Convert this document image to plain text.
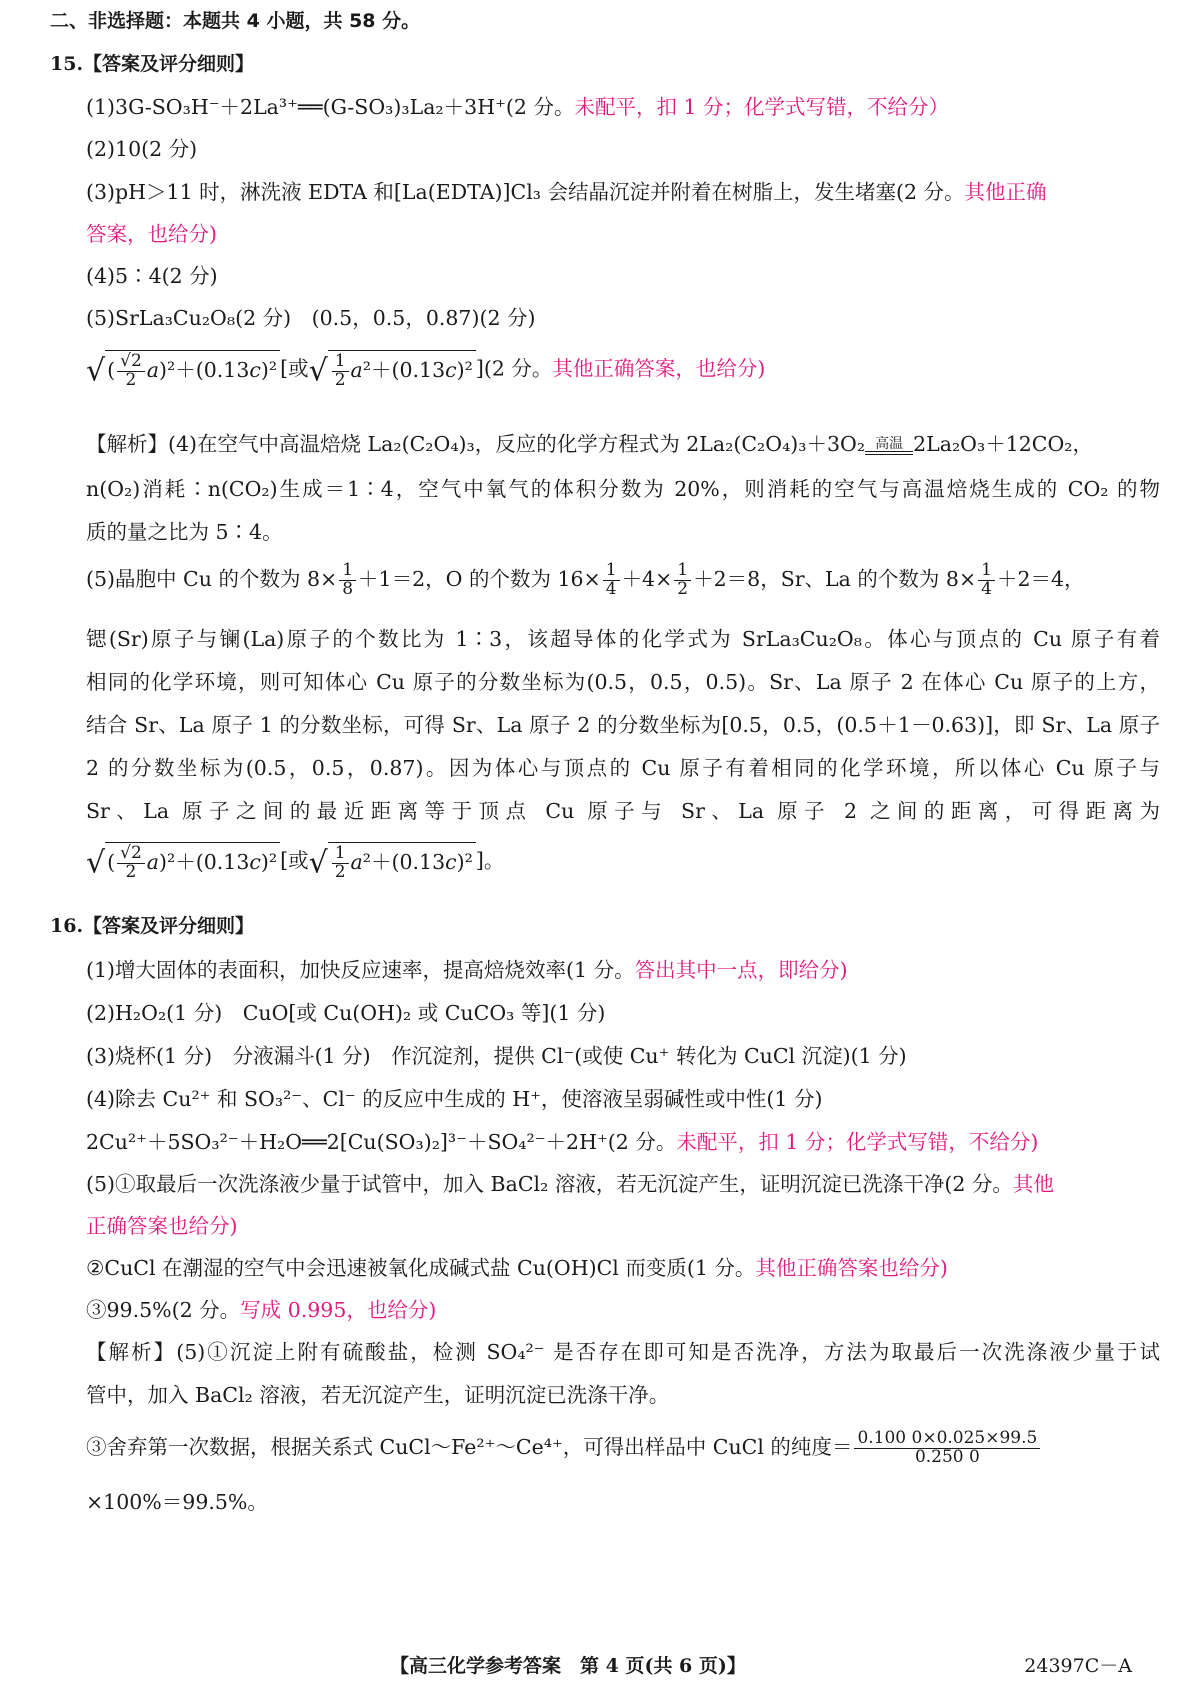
二、非选择题：本题共 4 小题，共 58 分。
15.【答案及评分细则】
(1)3G-SO₃H⁻＋2La³⁺══(G-SO₃)₃La₂＋3H⁺(2 分。未配平，扣 1 分；化学式写错，不给分）
(2)10(2 分)
(3)pH＞11 时，淋洗液 EDTA 和[La(EDTA)]Cl₃ 会结晶沉淀并附着在树脂上，发生堵塞(2 分。其他正确
答案，也给分)
(4)5∶4(2 分)
(5)SrLa₃Cu₂O₈(2 分)　(0.5，0.5，0.87)(2 分)
√( $\frac{√2}{2} a)^2+(0.13c)^2$ [或√ $\frac{1}{2} a^2+(0.13c)^2$ ](2 分。其他正确答案，也给分)
【解析】(4)在空气中高温焙烧 La₂(C₂O₄)₃，反应的化学方程式为 2La₂(C₂O₄)₃＋3O₂ 高温 2La₂O₃＋12CO₂，
n(O₂)消耗∶n(CO₂)生成＝1∶4，空气中氧气的体积分数为 20%，则消耗的空气与高温焙烧生成的 CO₂ 的物
质的量之比为 5∶4。
(5)晶胞中 Cu 的个数为 $8\times \frac{1}{8} +1=2$，O 的个数为 $16\times \frac{1}{4} +4\times \frac{1}{2} +2=8$，Sr、La 的个数为 $8\times \frac{1}{4} +2=4$，
锶(Sr)原子与镧(La)原子的个数比为 1∶3，该超导体的化学式为 SrLa₃Cu₂O₈。体心与顶点的 Cu 原子有着
相同的化学环境，则可知体心 Cu 原子的分数坐标为(0.5，0.5，0.5)。Sr、La 原子 2 在体心 Cu 原子的上方，
结合 Sr、La 原子 1 的分数坐标，可得 Sr、La 原子 2 的分数坐标为[0.5，0.5，(0.5＋1－0.63)]，即 Sr、La 原子
2 的分数坐标为(0.5，0.5，0.87)。因为体心与顶点的 Cu 原子有着相同的化学环境，所以体心 Cu 原子与
Sr、La 原子之间的最近距离等于顶点 Cu 原子与 Sr、La 原子 2 之间的距离，可得距离为
√( $\frac{√2}{2} a)^2+(0.13c)^2$ [或√ $\frac{1}{2} a^2+(0.13c)^2$ ]。
16.【答案及评分细则】
(1)增大固体的表面积，加快反应速率，提高焙烧效率(1 分。答出其中一点，即给分)
(2)H₂O₂(1 分)　CuO[或 Cu(OH)₂ 或 CuCO₃ 等](1 分)
(3)烧杯(1 分)　分液漏斗(1 分)　作沉淀剂，提供 Cl⁻(或使 Cu⁺ 转化为 CuCl 沉淀)(1 分)
(4)除去 Cu²⁺ 和 SO₃²⁻、Cl⁻ 的反应中生成的 H⁺，使溶液呈弱碱性或中性(1 分)
2Cu²⁺＋5SO₃²⁻＋H₂O══2[Cu(SO₃)₂]³⁻＋SO₄²⁻＋2H⁺(2 分。未配平，扣 1 分；化学式写错，不给分)
(5)①取最后一次洗涤液少量于试管中，加入 BaCl₂ 溶液，若无沉淀产生，证明沉淀已洗涤干净(2 分。其他
正确答案也给分)
②CuCl 在潮湿的空气中会迅速被氧化成碱式盐 Cu(OH)Cl 而变质(1 分。其他正确答案也给分)
③99.5%(2 分。写成 0.995，也给分)
【解析】(5)①沉淀上附有硫酸盐，检测 SO₄²⁻ 是否存在即可知是否洗净，方法为取最后一次洗涤液少量于试
管中，加入 BaCl₂ 溶液，若无沉淀产生，证明沉淀已洗涤干净。
③舍弃第一次数据，根据关系式 CuCl～Fe²⁺～Ce⁴⁺，可得出样品中 CuCl 的纯度＝ $\frac{0.100 0\times 0.025\times 99.5}{0.250 0}$
×100%＝99.5%。
【高三化学参考答案　第 4 页(共 6 页)】	24397C－A
